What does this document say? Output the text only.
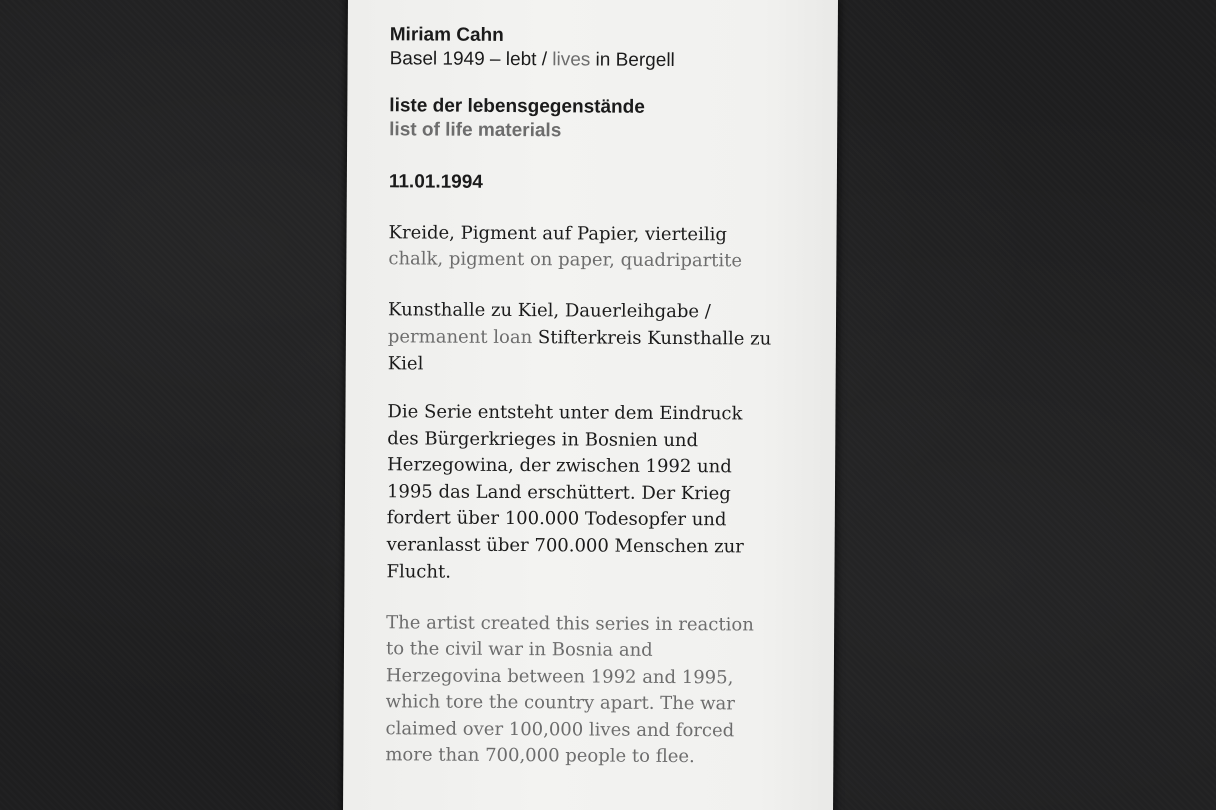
Miriam Cahn

Basel 1949 – lebt / lives in Bergell

liste der lebensgegenstände

list of life materials

11.01.1994

Kreide, Pigment auf Papier, vierteilig

chalk, pigment on paper, quadripartite

Kunsthalle zu Kiel, Dauerleihgabe /
permanent loan Stifterkreis Kunsthalle zu Kiel

Die Serie entsteht unter dem Eindruck
des Bürgerkrieges in Bosnien und
Herzegowina, der zwischen 1992 und
1995 das Land erschüttert. Der Krieg
fordert über 100.000 Todesopfer und
veranlasst über 700.000 Menschen zur
Flucht.

The artist created this series in reaction
to the civil war in Bosnia and
Herzegovina between 1992 and 1995,
which tore the country apart. The war
claimed over 100,000 lives and forced
more than 700,000 people to flee.
